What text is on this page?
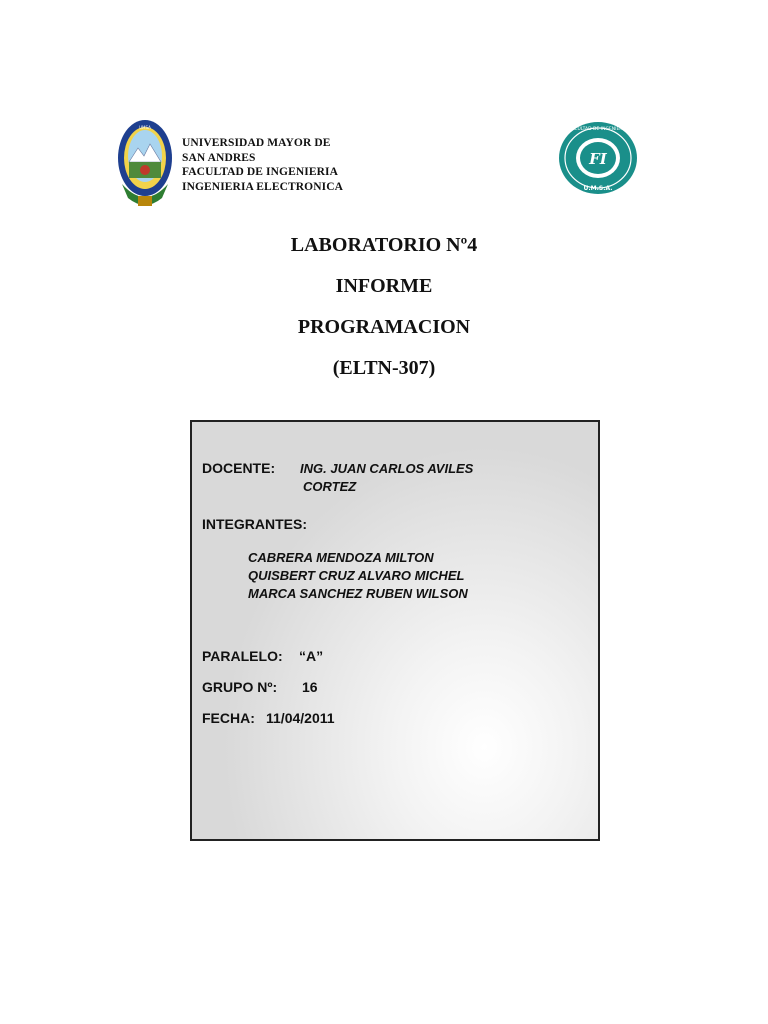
UMSA
FI
U.M.S.A.
FACULTAD DE INGENIERIA
UNIVERSIDAD MAYOR DE
SAN ANDRES
FACULTAD DE INGENIERIA
INGENIERIA ELECTRONICA
LABORATORIO Nº4
INFORME
PROGRAMACION
(ELTN-307)
DOCENTE: ING. JUAN CARLOS AVILES
CORTEZ
INTEGRANTES:
CABRERA MENDOZA MILTON
QUISBERT CRUZ ALVARO MICHEL
MARCA SANCHEZ RUBEN WILSON
PARALELO: “A”
GRUPO Nº: 16
FECHA: 11/04/2011
